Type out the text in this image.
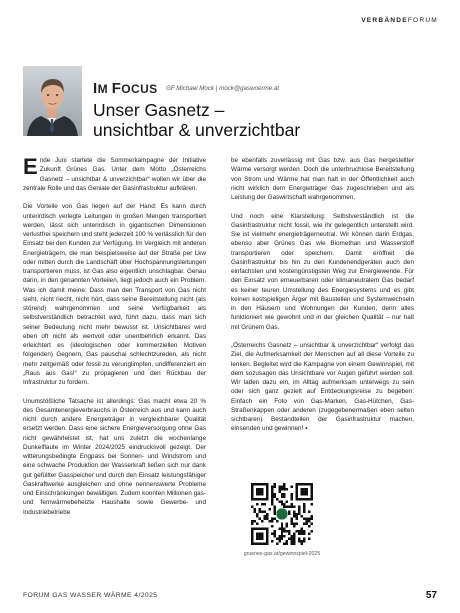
VERBÄNDEFORUM
IM FOCUS GF Michael Mock | mock@gaswoerme.at
Unser Gasnetz –
unsichtbar & unverzichtbar

Ende Juni startete die Sommerkampagne der Initiative Zukunft Grünes Gas. Unter dem Motto „Österreichs Gasnetz – unsichtbar & unverzichtbar“ wollen wir über die zentrale Rolle und das Geniale der Gasinfrastruktur aufklären.

Die Vorteile von Gas liegen auf der Hand: Es kann durch unterirdisch verlegte Leitungen in großen Mengen transportiert werden, lässt sich unterirdisch in gigantischen Dimensionen verlustfrei speichern und steht jederzeit 100 % verlässlich für den Einsatz bei den Kunden zur Verfügung. Im Vergleich mit anderen Energieträgern, die man beispielsweise auf der Straße per Lkw oder mitten durch die Landschaft über Hochspannungsleitungen transportieren muss, ist Gas also eigentlich unschlagbar. Genau darin, in den genannten Vorteilen, liegt jedoch auch ein Problem. Was ich damit meine: Dass man den Transport von Gas nicht sieht, nicht riecht, nicht hört, dass seine Bereitstellung nicht (als störend) wahrgenommen und seine Verfügbarkeit als selbstverständlich betrachtet wird, führt dazu, dass man sich seiner Bedeutung nicht mehr bewusst ist. Unsichtbares wird eben oft nicht als wertvoll oder unentbehrlich erkannt. Das erleichtert es (ideologischen oder kommerziellen Motiven folgenden) Gegnern, Gas pauschal schlechtzureden, als nicht mehr zeitgemäß oder fossil zu verunglimpfen, undifferenziert ein „Raus aus Gas!“ zu propagieren und den Rückbau der Infrastruktur zu fordern.

Unumstößliche Tatsache ist allerdings: Gas macht etwa 20 % des Gesamtenergieverbrauchs in Österreich aus und kann auch nicht durch andere Energieträger in vergleichbarer Qualität ersetzt werden. Dass eine sichere Energieversorgung ohne Gas nicht gewährleistet ist, hat uns zuletzt die wochenlange Dunkelflaute im Winter 2024/2025 eindrucksvoll gezeigt. Der witterungsbedingte Engpass bei Sonnen- und Windstrom und eine schwache Produktion der Wasserkraft ließen sich nur dank gut gefüllter Gasspeicher und durch den Einsatz leistungsfähiger Gaskraftwerke ausgleichen und ohne nennenswerte Probleme und Einschränkungen bewältigen. Zudem konnten Millionen gas- und fernwärmebeheizte Haushalte sowie Gewerbe- und Industriebetriebe

be ebenfalls zuverlässig mit Gas bzw. aus Gas hergestellter Wärme versorgt werden. Doch die unterbruchlose Bereitstellung von Strom und Wärme hat man halt in der Öffentlichkeit auch nicht wirklich dem Energieträger Gas zugeschrieben und als Leistung der Gaswirtschaft wahrgenommen.

Und noch eine Klarstellung: Selbstverständlich ist die Gasinfrastruktur nicht fossil, wie ihr gelegentlich unterstellt wird. Sie ist vielmehr energieträgerneutral. Wir können darin Erdgas, ebenso aber Grünes Gas wie Biomethan und Wasserstoff transportieren oder speichern. Damit eröffnet die Gasinfrastruktur bis hin zu den Kundenendgeräten auch den einfachsten und kostengünstigsten Weg zur Energiewende. Für den Einsatz von erneuerbaren oder klimaneutralem Gas bedarf es keiner teuren Umstellung des Energiesystems und es gibt keinen kostspieligen Ärger mit Baustellen und Systemwechseln in den Häusern und Wohnungen der Kunden, denn alles funktioniert wie gewohnt und in der gleichen Qualität – nur halt mit Grünem Gas.

„Österreichs Gasnetz – unsichtbar & unverzichtbar“ verfolgt das Ziel, die Aufmerksamkeit der Menschen auf all diese Vorteile zu lenken. Begleitet wird die Kampagne von einem Gewinnspiel, mit dem sozusagen das Unsichtbare vor Augen geführt werden soll. Wir laden dazu ein, im Alltag aufmerksam unterwegs zu sein oder sich ganz gezielt auf Entdeckungsreise zu begeben: Einfach ein Foto von Gas-Marken, Gas-Hütchen, Gas-Straßenkappen oder anderen (zugegebenermaßen eben selten sichtbaren) Bestandteilen der Gasinfrastruktur machen, einsenden und gewinnen! ▪

gruenes-gas.at/gewinnspiel-2025
FORUM GAS WASSER WÄRME 4/2025	57
